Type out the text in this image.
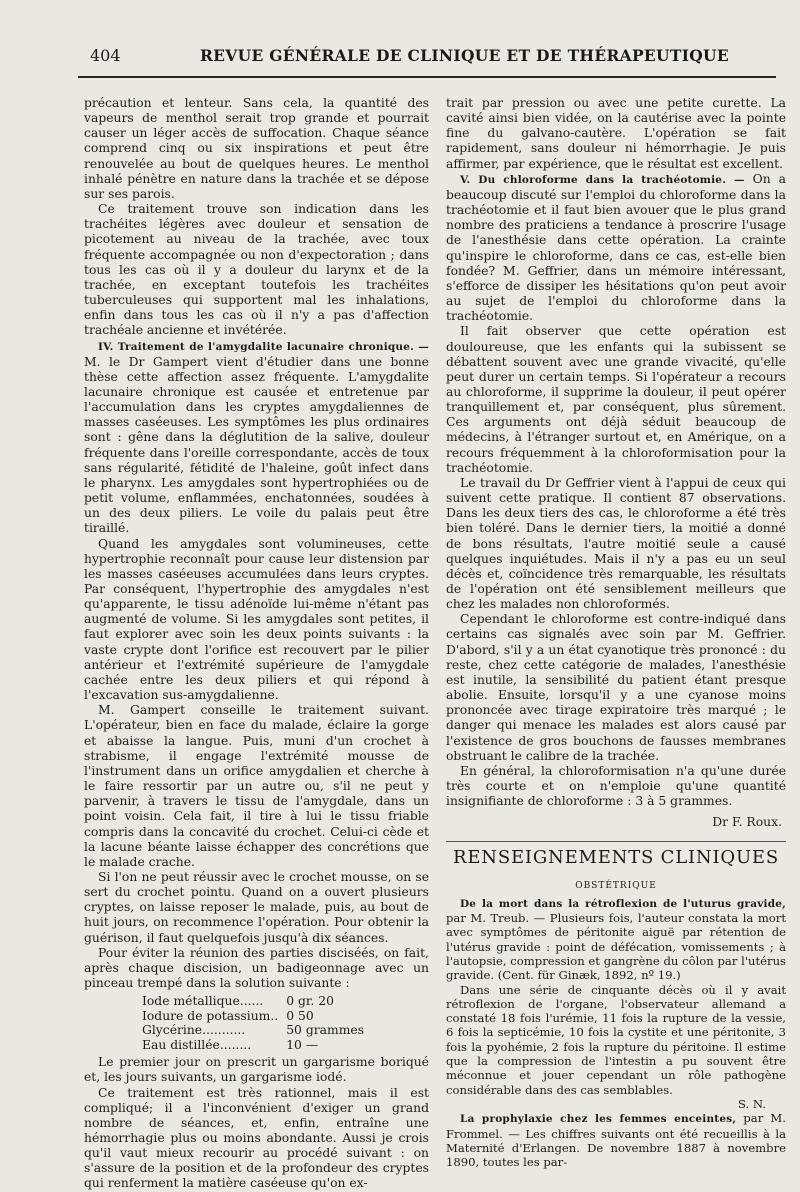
404	REVUE GÉNÉRALE DE CLINIQUE ET DE THÉRAPEUTIQUE

précaution et lenteur. Sans cela, la quantité des vapeurs de menthol serait trop grande et pourrait causer un léger accès de suffocation. Chaque séance comprend cinq ou six inspirations et peut être renouvelée au bout de quelques heures. Le menthol inhalé pénètre en nature dans la trachée et se dépose sur ses parois.

Ce traitement trouve son indication dans les trachéites légères avec douleur et sensation de picotement au niveau de la trachée, avec toux fréquente accompagnée ou non d'expectoration ; dans tous les cas où il y a douleur du larynx et de la trachée, en exceptant toutefois les trachéites tuberculeuses qui supportent mal les inhalations, enfin dans tous les cas où il n'y a pas d'affection trachéale ancienne et invétérée.

IV. Traitement de l'amygdalite lacunaire chronique. — M. le Dr Gampert vient d'étudier dans une bonne thèse cette affection assez fréquente. L'amygdalite lacunaire chronique est causée et entretenue par l'accumulation dans les cryptes amygdaliennes de masses caséeuses. Les symptômes les plus ordinaires sont : gêne dans la déglutition de la salive, douleur fréquente dans l'oreille correspondante, accès de toux sans régularité, fétidité de l'haleine, goût infect dans le pharynx. Les amygdales sont hypertrophiées ou de petit volume, enflammées, enchatonnées, soudées à un des deux piliers. Le voile du palais peut être tiraillé.

Quand les amygdales sont volumineuses, cette hypertrophie reconnaît pour cause leur distension par les masses caséeuses accumulées dans leurs cryptes. Par conséquent, l'hypertrophie des amygdales n'est qu'apparente, le tissu adénoïde lui-même n'étant pas augmenté de volume. Si les amygdales sont petites, il faut explorer avec soin les deux points suivants : la vaste crypte dont l'orifice est recouvert par le pilier antérieur et l'extrémité supérieure de l'amygdale cachée entre les deux piliers et qui répond à l'excavation sus-amygdalienne.

M. Gampert conseille le traitement suivant. L'opérateur, bien en face du malade, éclaire la gorge et abaisse la langue. Puis, muni d'un crochet à strabisme, il engage l'extrémité mousse de l'instrument dans un orifice amygdalien et cherche à le faire ressortir par un autre ou, s'il ne peut y parvenir, à travers le tissu de l'amygdale, dans un point voisin. Cela fait, il tire à lui le tissu friable compris dans la concavité du crochet. Celui-ci cède et la lacune béante laisse échapper des concrétions que le malade crache.

Si l'on ne peut réussir avec le crochet mousse, on se sert du crochet pointu. Quand on a ouvert plusieurs cryptes, on laisse reposer le malade, puis, au bout de huit jours, on recommence l'opération. Pour obtenir la guérison, il faut quelquefois jusqu'à dix séances.

Pour éviter la réunion des parties disciséés, on fait, après chaque discision, un badigeonnage avec un pinceau trempé dans la solution suivante :

Iode métallique......	0 gr. 20
Iodure de potassium..	0 50
Glycérine...........	50 grammes
Eau distillée........	10 —

Le premier jour on prescrit un gargarisme boriqué et, les jours suivants, un gargarisme iodé.

Ce traitement est très rationnel, mais il est compliqué; il a l'inconvénient d'exiger un grand nombre de séances, et, enfin, entraîne une hémorrhagie plus ou moins abondante. Aussi je crois qu'il vaut mieux recourir au procédé suivant : on s'assure de la position et de la profondeur des cryptes qui renferment la matière caséeuse qu'on ex-

trait par pression ou avec une petite curette. La cavité ainsi bien vidée, on la cautérise avec la pointe fine du galvano-cautère. L'opération se fait rapidement, sans douleur ni hémorrhagie. Je puis affirmer, par expérience, que le résultat est excellent.

V. Du chloroforme dans la trachéotomie. — On a beaucoup discuté sur l'emploi du chloroforme dans la trachéotomie et il faut bien avouer que le plus grand nombre des praticiens a tendance à proscrire l'usage de l'anesthésie dans cette opération. La crainte qu'inspire le chloroforme, dans ce cas, est-elle bien fondée? M. Geffrier, dans un mémoire intéressant, s'efforce de dissiper les hésitations qu'on peut avoir au sujet de l'emploi du chloroforme dans la trachéotomie.

Il fait observer que cette opération est douloureuse, que les enfants qui la subissent se débattent souvent avec une grande vivacité, qu'elle peut durer un certain temps. Si l'opérateur a recours au chloroforme, il supprime la douleur, il peut opérer tranquillement et, par conséquent, plus sûrement. Ces arguments ont déjà séduit beaucoup de médecins, à l'étranger surtout et, en Amérique, on a recours fréquemment à la chloroformisation pour la trachéotomie.

Le travail du Dr Geffrier vient à l'appui de ceux qui suivent cette pratique. Il contient 87 observations. Dans les deux tiers des cas, le chloroforme a été très bien toléré. Dans le dernier tiers, la moitié a donné de bons résultats, l'autre moitié seule a causé quelques inquiétudes. Mais il n'y a pas eu un seul décès et, coïncidence très remarquable, les résultats de l'opération ont été sensiblement meilleurs que chez les malades non chloroformés.

Cependant le chloroforme est contre-indiqué dans certains cas signalés avec soin par M. Geffrier. D'abord, s'il y a un état cyanotique très prononcé : du reste, chez cette catégorie de malades, l'anesthésie est inutile, la sensibilité du patient étant presque abolie. Ensuite, lorsqu'il y a une cyanose moins prononcée avec tirage expiratoire très marqué ; le danger qui menace les malades est alors causé par l'existence de gros bouchons de fausses membranes obstruant le calibre de la trachée.

En général, la chloroformisation n'a qu'une durée très courte et on n'emploie qu'une quantité insignifiante de chloroforme : 3 à 5 grammes.

Dr F. Roux.
RENSEIGNEMENTS CLINIQUES
OBSTÉTRIQUE

De la mort dans la rétroflexion de l'uturus gravide, par M. Treub. — Plusieurs fois, l'auteur constata la mort avec symptômes de péritonite aiguë par rétention de l'utérus gravide : point de défécation, vomissements ; à l'autopsie, compression et gangrène du côlon par l'utérus gravide. (Cent. für Ginæk, 1892, nº 19.)

Dans une série de cinquante décès où il y avait rétroflexion de l'organe, l'observateur allemand a constaté 18 fois l'urémie, 11 fois la rupture de la vessie, 6 fois la septicémie, 10 fois la cystite et une péritonite, 3 fois la pyohémie, 2 fois la rupture du péritoine. Il estime que la compression de l'intestin a pu souvent être méconnue et jouer cependant un rôle pathogène considérable dans des cas semblables.

S. N.

La prophylaxie chez les femmes enceintes, par M. Frommel. — Les chiffres suivants ont été recueillis à la Maternité d'Erlangen. De novembre 1887 à novembre 1890, toutes les par-
